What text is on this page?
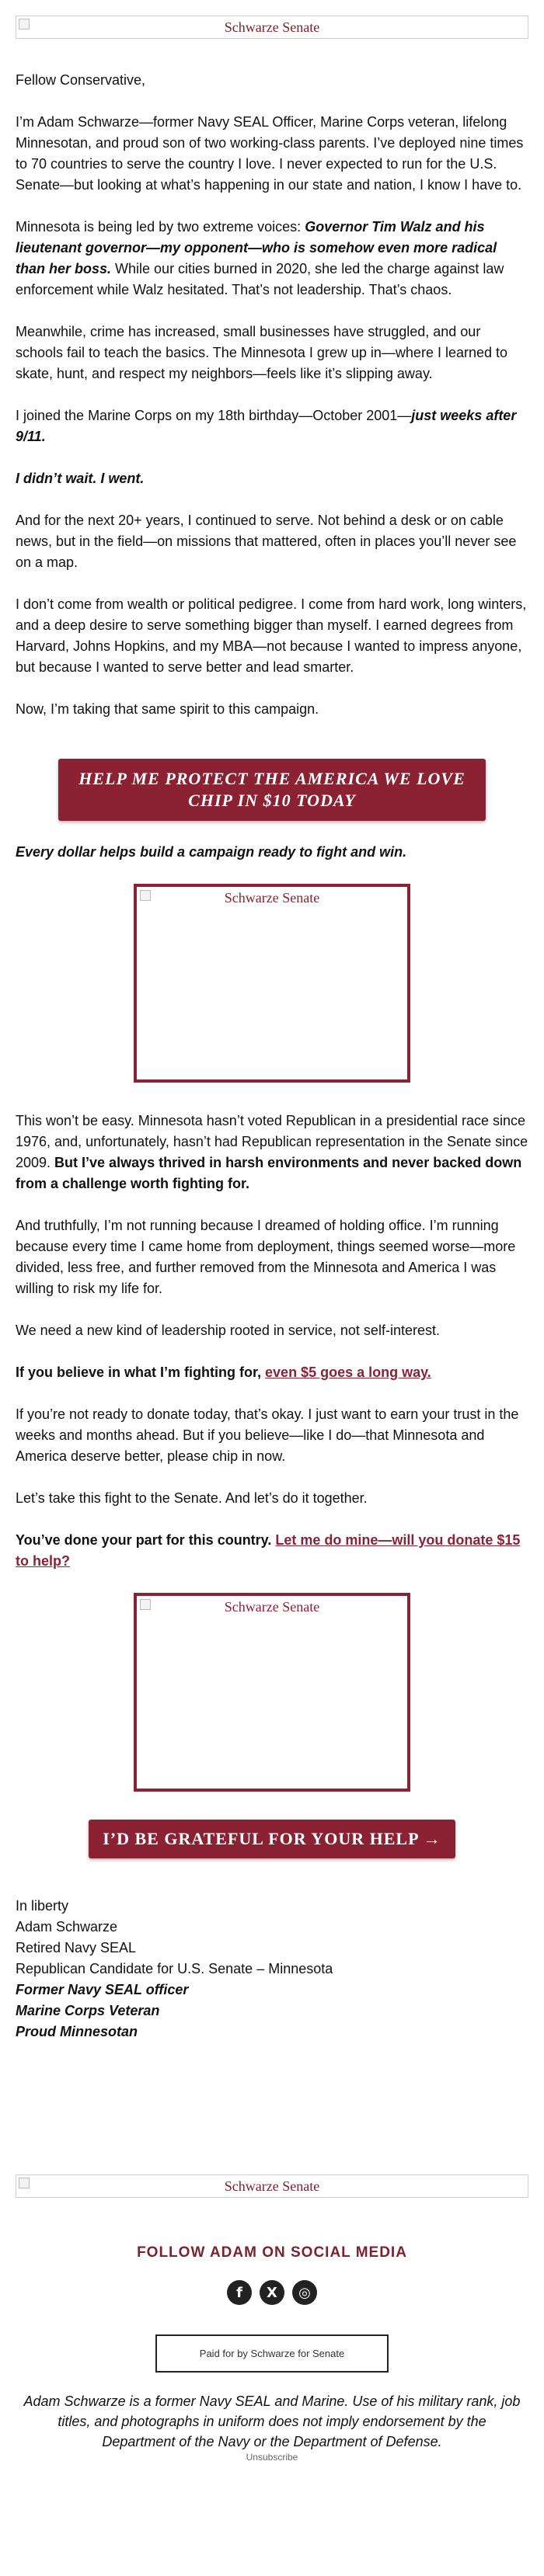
Schwarze Senate

Fellow Conservative,

I’m Adam Schwarze—former Navy SEAL Officer, Marine Corps veteran, lifelong Minnesotan, and proud son of two working-class parents. I’ve deployed nine times to 70 countries to serve the country I love. I never expected to run for the U.S. Senate—but looking at what’s happening in our state and nation, I know I have to.

Minnesota is being led by two extreme voices: Governor Tim Walz and his lieutenant governor—my opponent—who is somehow even more radical than her boss. While our cities burned in 2020, she led the charge against law enforcement while Walz hesitated. That’s not leadership. That’s chaos.

Meanwhile, crime has increased, small businesses have struggled, and our schools fail to teach the basics. The Minnesota I grew up in—where I learned to skate, hunt, and respect my neighbors—feels like it’s slipping away.

I joined the Marine Corps on my 18th birthday—October 2001—just weeks after 9/11.

I didn’t wait. I went.

And for the next 20+ years, I continued to serve. Not behind a desk or on cable news, but in the field—on missions that mattered, often in places you’ll never see on a map.

I don’t come from wealth or political pedigree. I come from hard work, long winters, and a deep desire to serve something bigger than myself. I earned degrees from Harvard, Johns Hopkins, and my MBA—not because I wanted to impress anyone, but because I wanted to serve better and lead smarter.

Now, I’m taking that same spirit to this campaign.

HELP ME PROTECT THE AMERICA WE LOVE CHIP IN $10 TODAY

Every dollar helps build a campaign ready to fight and win.

Schwarze Senate

This won’t be easy. Minnesota hasn’t voted Republican in a presidential race since 1976, and, unfortunately, hasn’t had Republican representation in the Senate since 2009. But I’ve always thrived in harsh environments and never backed down from a challenge worth fighting for.

And truthfully, I’m not running because I dreamed of holding office. I’m running because every time I came home from deployment, things seemed worse—more divided, less free, and further removed from the Minnesota and America I was willing to risk my life for.

We need a new kind of leadership rooted in service, not self-interest.

If you believe in what I’m fighting for, even $5 goes a long way.

If you’re not ready to donate today, that’s okay. I just want to earn your trust in the weeks and months ahead. But if you believe—like I do—that Minnesota and America deserve better, please chip in now.

Let’s take this fight to the Senate. And let’s do it together.

You’ve done your part for this country. Let me do mine—will you donate $15 to help?

Schwarze Senate
I’D BE GRATEFUL FOR YOUR HELP →
In liberty
Adam Schwarze
Retired Navy SEAL
Republican Candidate for U.S. Senate – Minnesota
Former Navy SEAL officer
Marine Corps Veteran
Proud Minnesotan
Schwarze Senate
FOLLOW ADAM ON SOCIAL MEDIA
f	X	◎
Paid for by Schwarze for Senate
Adam Schwarze is a former Navy SEAL and Marine. Use of his military rank, job titles, and photographs in uniform does not imply endorsement by the Department of the Navy or the Department of Defense.
Unsubscribe
